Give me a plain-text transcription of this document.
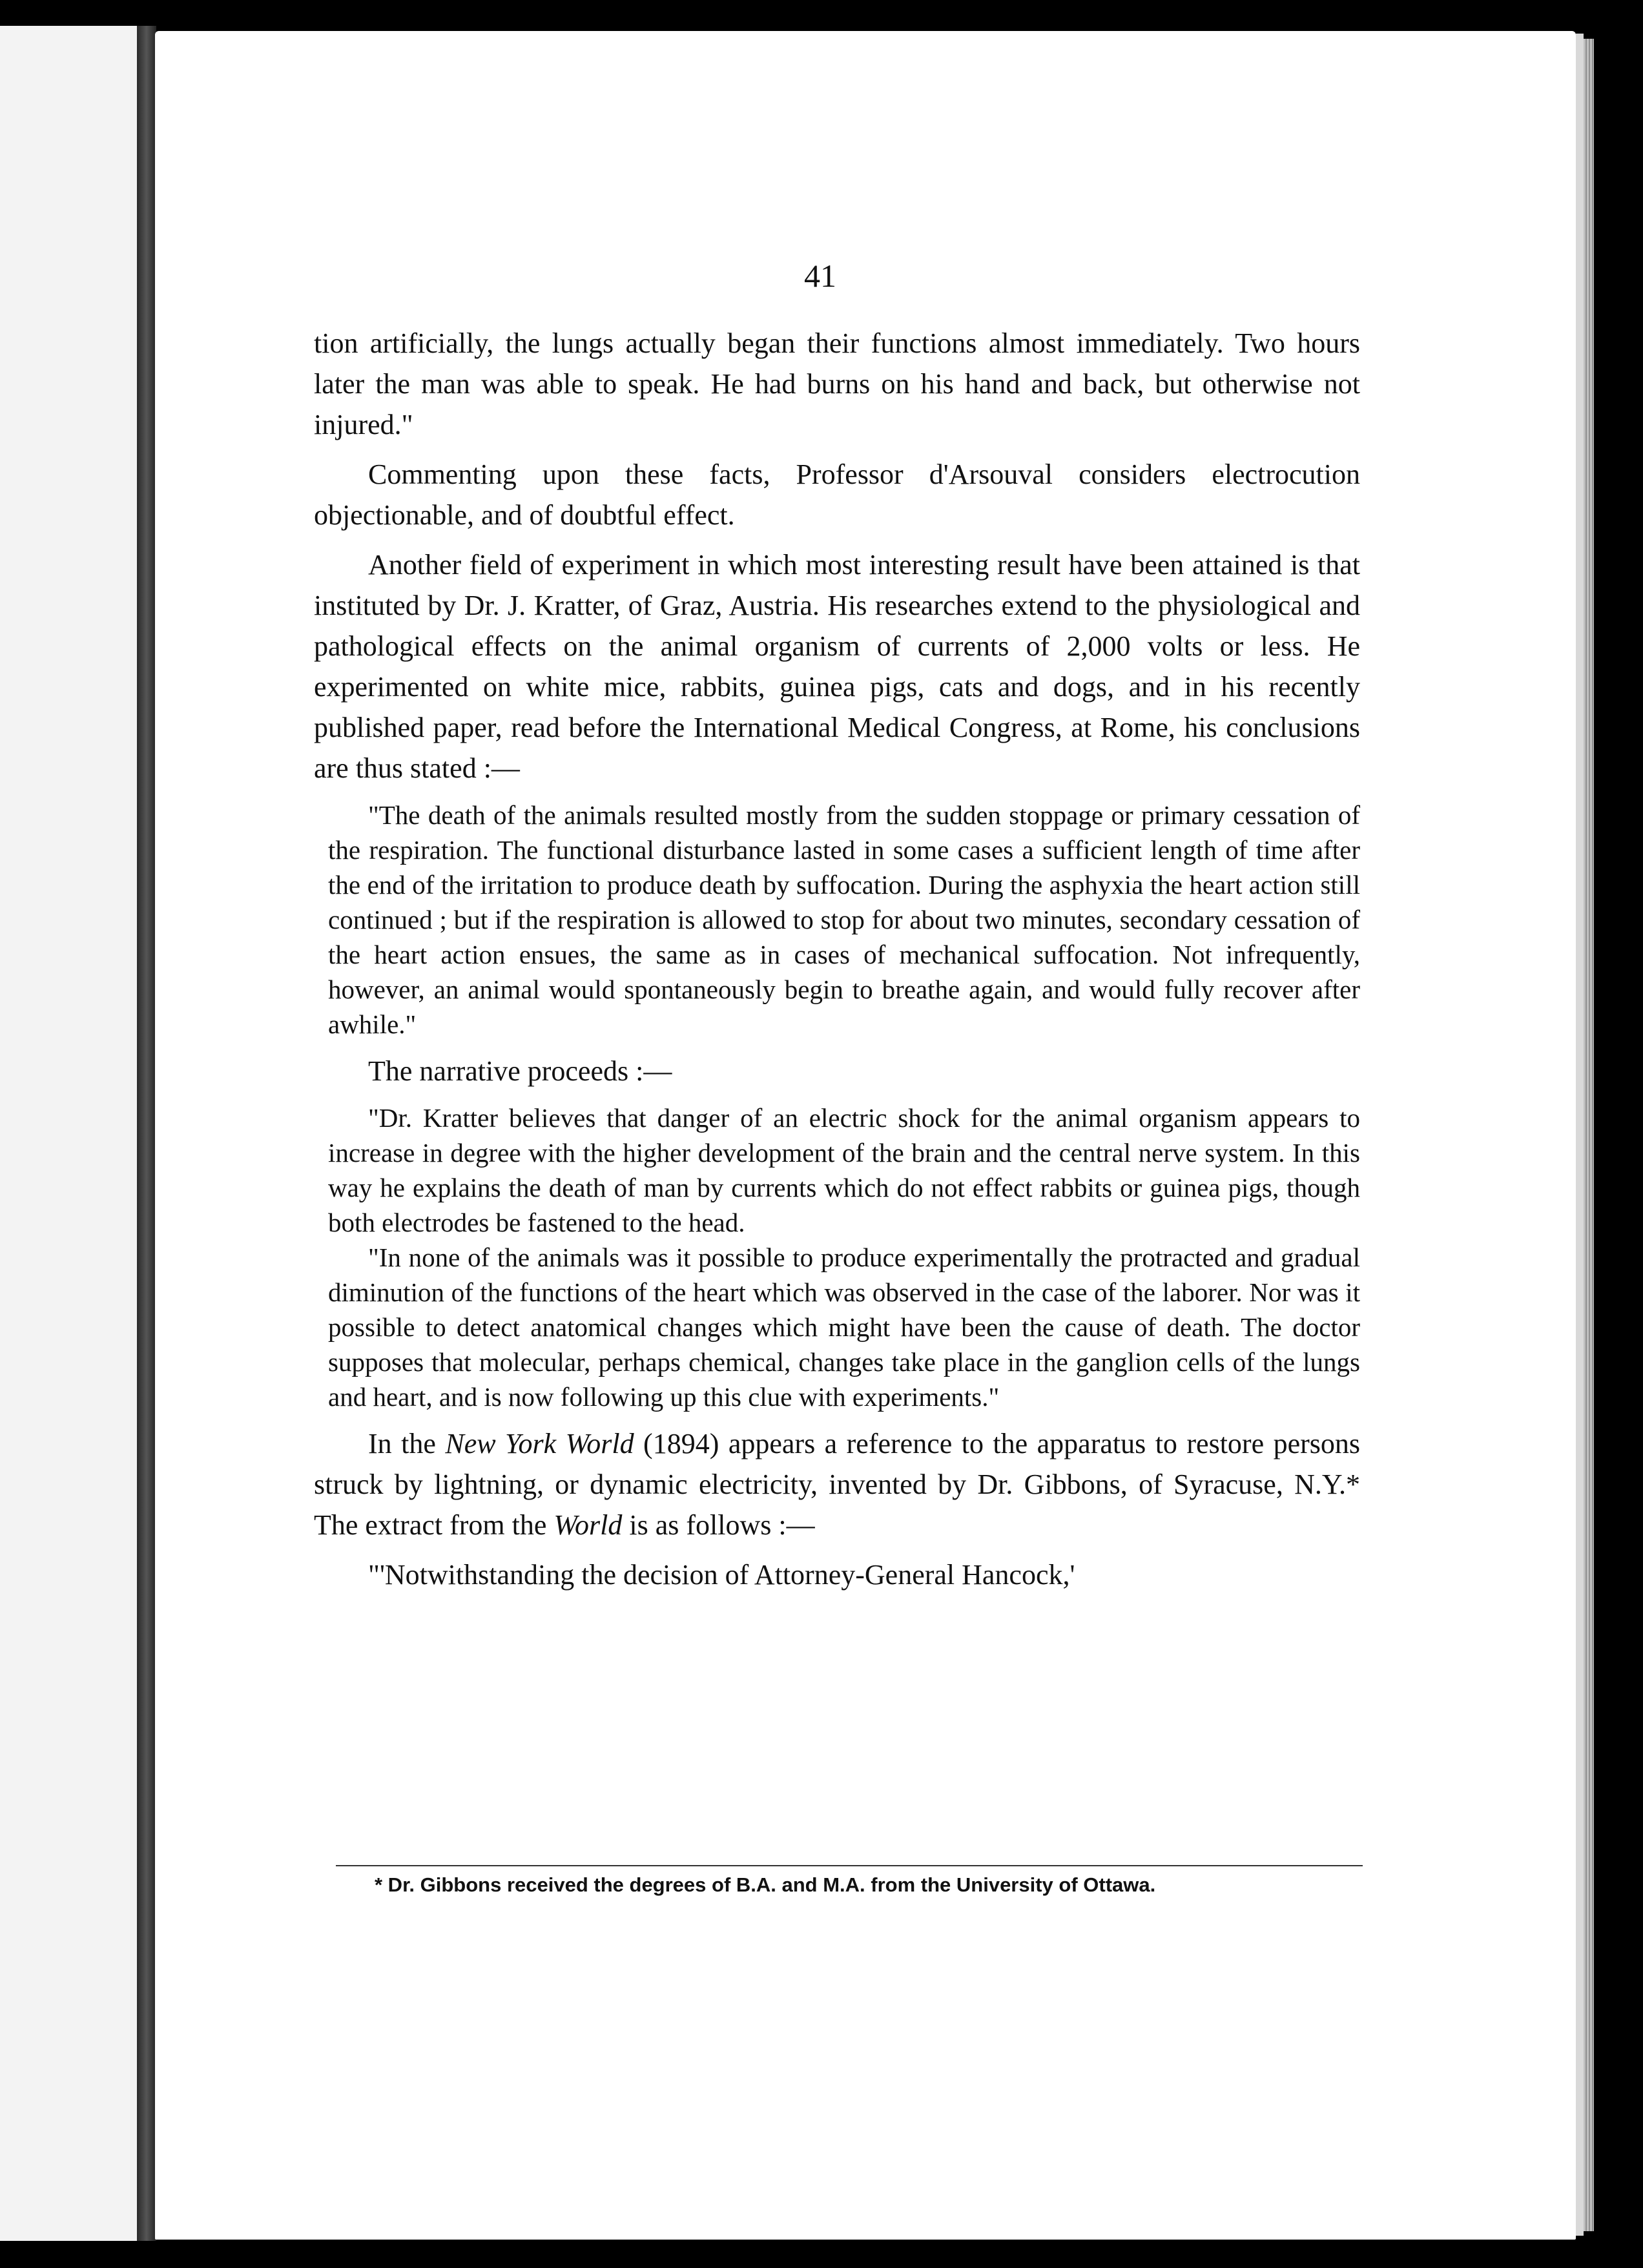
41

tion artificially, the lungs actually began their functions almost immediately. Two hours later the man was able to speak. He had burns on his hand and back, but otherwise not injured."

Commenting upon these facts, Professor d'Arsouval considers electrocution objectionable, and of doubtful effect.

Another field of experiment in which most interesting result have been attained is that instituted by Dr. J. Kratter, of Graz, Austria. His researches extend to the physiological and pathological effects on the animal organism of currents of 2,000 volts or less. He experimented on white mice, rabbits, guinea pigs, cats and dogs, and in his recently published paper, read before the International Medical Congress, at Rome, his conclusions are thus stated :—

"The death of the animals resulted mostly from the sudden stoppage or primary cessation of the respiration. The functional disturbance lasted in some cases a sufficient length of time after the end of the irritation to produce death by suffocation. During the asphyxia the heart action still continued ; but if the respiration is allowed to stop for about two minutes, secondary cessation of the heart action ensues, the same as in cases of mechanical suffocation. Not infrequently, however, an animal would spontaneously begin to breathe again, and would fully recover after awhile."

The narrative proceeds :—

"Dr. Kratter believes that danger of an electric shock for the animal organism appears to increase in degree with the higher development of the brain and the central nerve system. In this way he explains the death of man by currents which do not effect rabbits or guinea pigs, though both electrodes be fastened to the head.

"In none of the animals was it possible to produce experimentally the protracted and gradual diminution of the functions of the heart which was observed in the case of the laborer. Nor was it possible to detect anatomical changes which might have been the cause of death. The doctor supposes that molecular, perhaps chemical, changes take place in the ganglion cells of the lungs and heart, and is now following up this clue with experiments."

In the New York World (1894) appears a reference to the apparatus to restore persons struck by lightning, or dynamic electricity, invented by Dr. Gibbons, of Syracuse, N.Y.* The extract from the World is as follows :—

"'Notwithstanding the decision of Attorney-General Hancock,'

* Dr. Gibbons received the degrees of B.A. and M.A. from the University of Ottawa.
